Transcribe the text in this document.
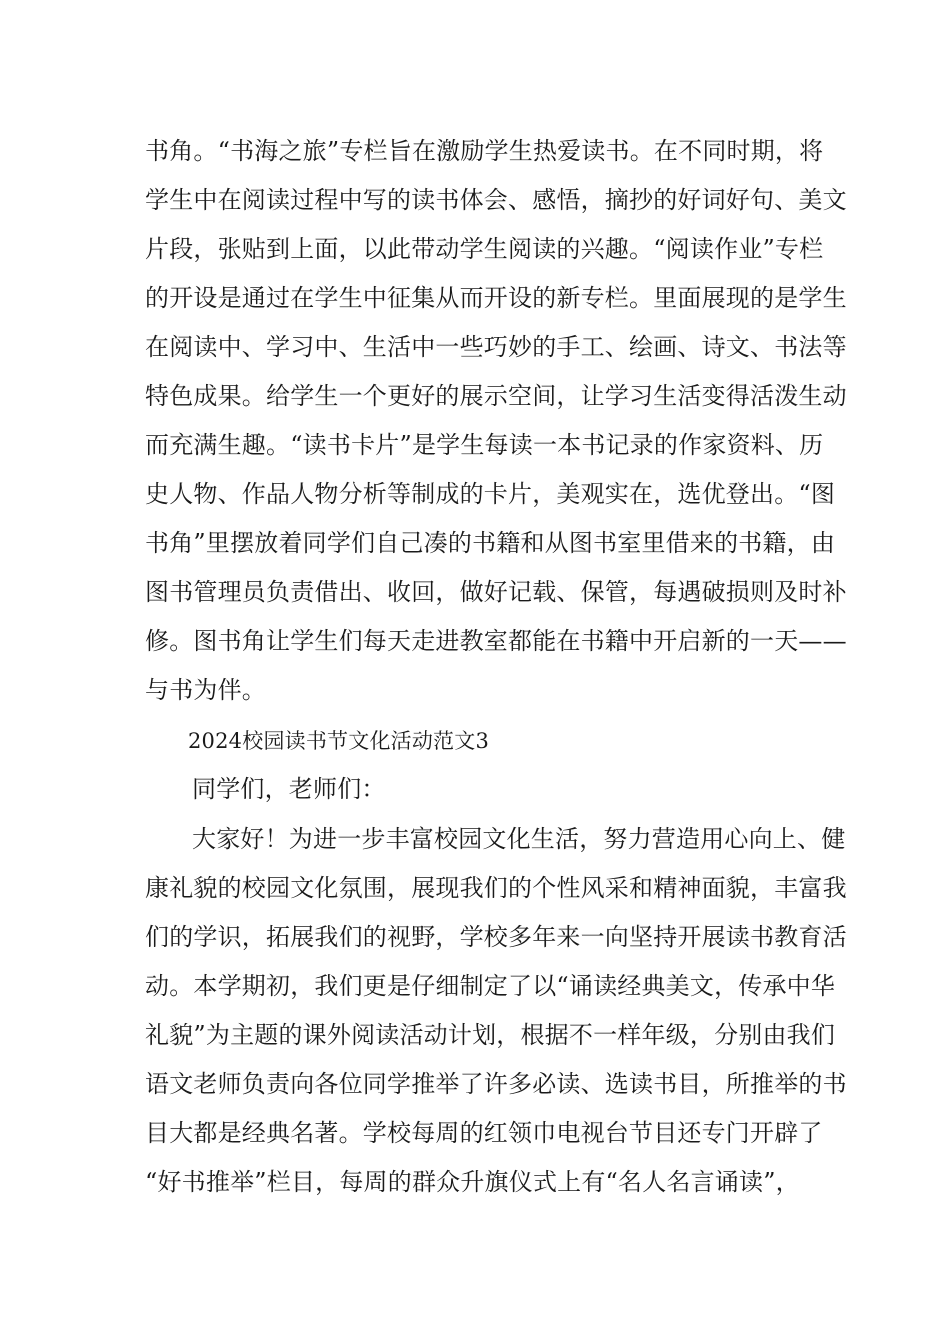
书角。“书海之旅”专栏旨在激励学生热爱读书。在不同时期，将
学生中在阅读过程中写的读书体会、感悟，摘抄的好词好句、美文
片段，张贴到上面，以此带动学生阅读的兴趣。“阅读作业”专栏
的开设是通过在学生中征集从而开设的新专栏。里面展现的是学生
在阅读中、学习中、生活中一些巧妙的手工、绘画、诗文、书法等
特色成果。给学生一个更好的展示空间，让学习生活变得活泼生动
而充满生趣。“读书卡片”是学生每读一本书记录的作家资料、历
史人物、作品人物分析等制成的卡片，美观实在，选优登出。“图
书角”里摆放着同学们自己凑的书籍和从图书室里借来的书籍，由
图书管理员负责借出、收回，做好记载、保管，每遇破损则及时补
修。图书角让学生们每天走进教室都能在书籍中开启新的一天——
与书为伴。
2024校园读书节文化活动范文3
同学们，老师们：
大家好！为进一步丰富校园文化生活，努力营造用心向上、健
康礼貌的校园文化氛围，展现我们的个性风采和精神面貌，丰富我
们的学识，拓展我们的视野，学校多年来一向坚持开展读书教育活
动。本学期初，我们更是仔细制定了以“诵读经典美文，传承中华
礼貌”为主题的课外阅读活动计划，根据不一样年级，分别由我们
语文老师负责向各位同学推举了许多必读、选读书目，所推举的书
目大都是经典名著。学校每周的红领巾电视台节目还专门开辟了
“好书推举”栏目，每周的群众升旗仪式上有“名人名言诵读”，
